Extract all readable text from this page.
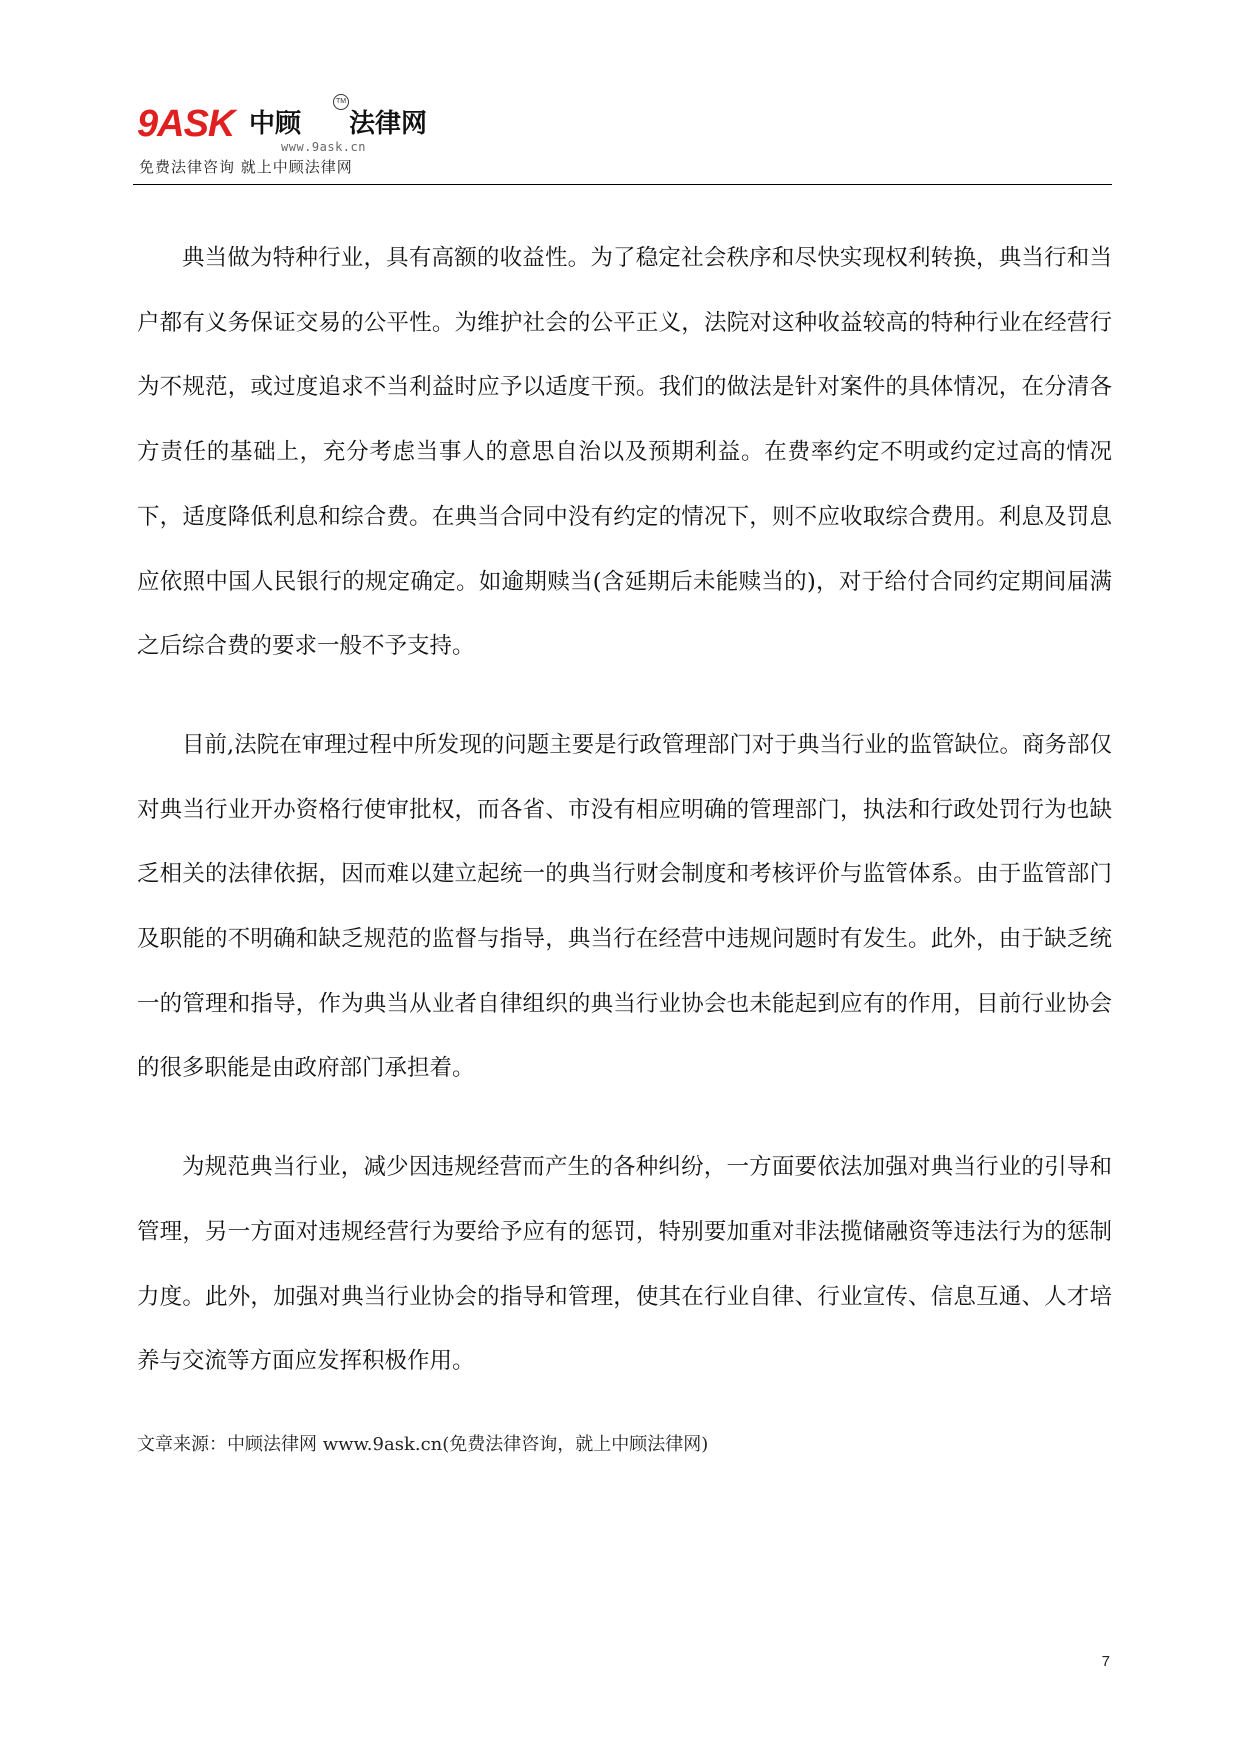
9ASK 中顾
TM
法律网
www.9ask.cn
免费法律咨询 就上中顾法律网

典当做为特种行业，具有高额的收益性。为了稳定社会秩序和尽快实现权利转换，典当行和当户都有义务保证交易的公平性。为维护社会的公平正义，法院对这种收益较高的特种行业在经营行为不规范，或过度追求不当利益时应予以适度干预。我们的做法是针对案件的具体情况，在分清各方责任的基础上，充分考虑当事人的意思自治以及预期利益。在费率约定不明或约定过高的情况下，适度降低利息和综合费。在典当合同中没有约定的情况下，则不应收取综合费用。利息及罚息应依照中国人民银行的规定确定。如逾期赎当(含延期后未能赎当的)，对于给付合同约定期间届满之后综合费的要求一般不予支持。

目前,法院在审理过程中所发现的问题主要是行政管理部门对于典当行业的监管缺位。商务部仅对典当行业开办资格行使审批权，而各省、市没有相应明确的管理部门，执法和行政处罚行为也缺乏相关的法律依据，因而难以建立起统一的典当行财会制度和考核评价与监管体系。由于监管部门及职能的不明确和缺乏规范的监督与指导，典当行在经营中违规问题时有发生。此外，由于缺乏统一的管理和指导，作为典当从业者自律组织的典当行业协会也未能起到应有的作用，目前行业协会的很多职能是由政府部门承担着。

为规范典当行业，减少因违规经营而产生的各种纠纷，一方面要依法加强对典当行业的引导和管理，另一方面对违规经营行为要给予应有的惩罚，特别要加重对非法揽储融资等违法行为的惩制力度。此外，加强对典当行业协会的指导和管理，使其在行业自律、行业宣传、信息互通、人才培养与交流等方面应发挥积极作用。

文章来源：中顾法律网 www.9ask.cn(免费法律咨询，就上中顾法律网)
7
